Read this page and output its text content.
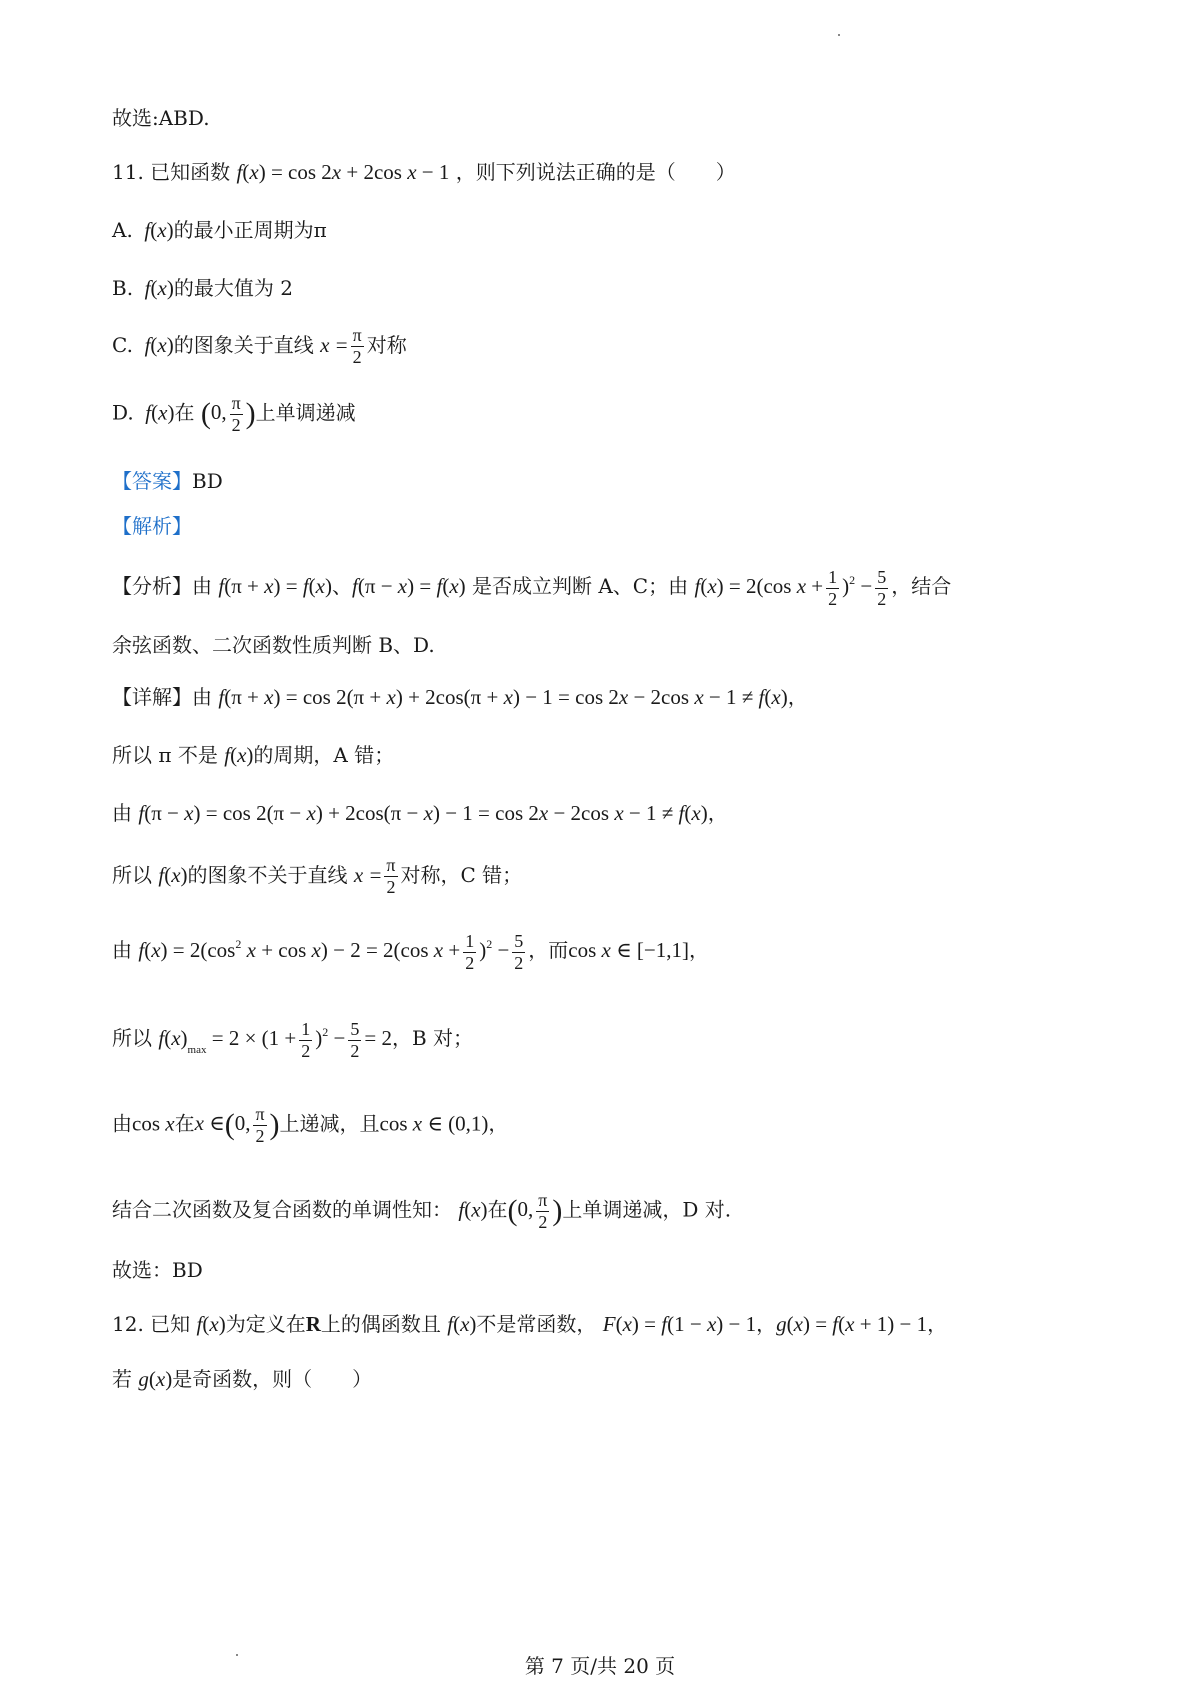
故选:ABD.
11. 已知函数 f(x) = cos 2x + 2cos x − 1 ，则下列说法正确的是（　　）
A. f(x)的最小正周期为π
B. f(x)的最大值为 2
C. f(x)的图象关于直线 $x = \frac{\pi}{2}$ 对称
D. f(x)在 (0, $\frac{\pi}{2}$ )上单调递减
【答案】BD
【解析】
【分析】由 f(π + x) = f(x)、f(π − x) = f(x) 是否成立判断 A、C；由 f(x) = 2(cos $x + \frac{1}{2} )^2 - \frac{5}{2}$ ，结合
余弦函数、二次函数性质判断 B、D.
【详解】由 f(π + x) = cos 2(π + x) + 2cos(π + x) − 1 = cos 2x − 2cos x − 1 ≠ f(x)，
所以 π 不是 f(x)的周期，A 错；
由 f(π − x) = cos 2(π − x) + 2cos(π − x) − 1 = cos 2x − 2cos x − 1 ≠ f(x)，
所以 f(x)的图象不关于直线 $x = \frac{\pi}{2}$ 对称，C 错；
由 $f(x) = 2(\cos^2$ x + cos x) − 2 = 2(cos $x + \frac{1}{2} )^2 - \frac{5}{2}$ ，而cos x ∈ [−1,1]，
所以 $f(x)_{max} = 2 \times (1 + \frac{1}{2} )^2 - \frac{5}{2} = 2$，B 对；
由cos x在x ∈(0, $\frac{\pi}{2}$ )上递减，且cos x ∈ (0,1)，
结合二次函数及复合函数的单调性知： f(x)在(0, $\frac{\pi}{2}$ )上单调递减，D 对.
故选：BD
12. 已知 f(x)为定义在R上的偶函数且 f(x)不是常函数， F(x) = f(1 − x) − 1，g(x) = f(x + 1) − 1，
若 g(x)是奇函数，则（　　）
第 7 页/共 20 页
